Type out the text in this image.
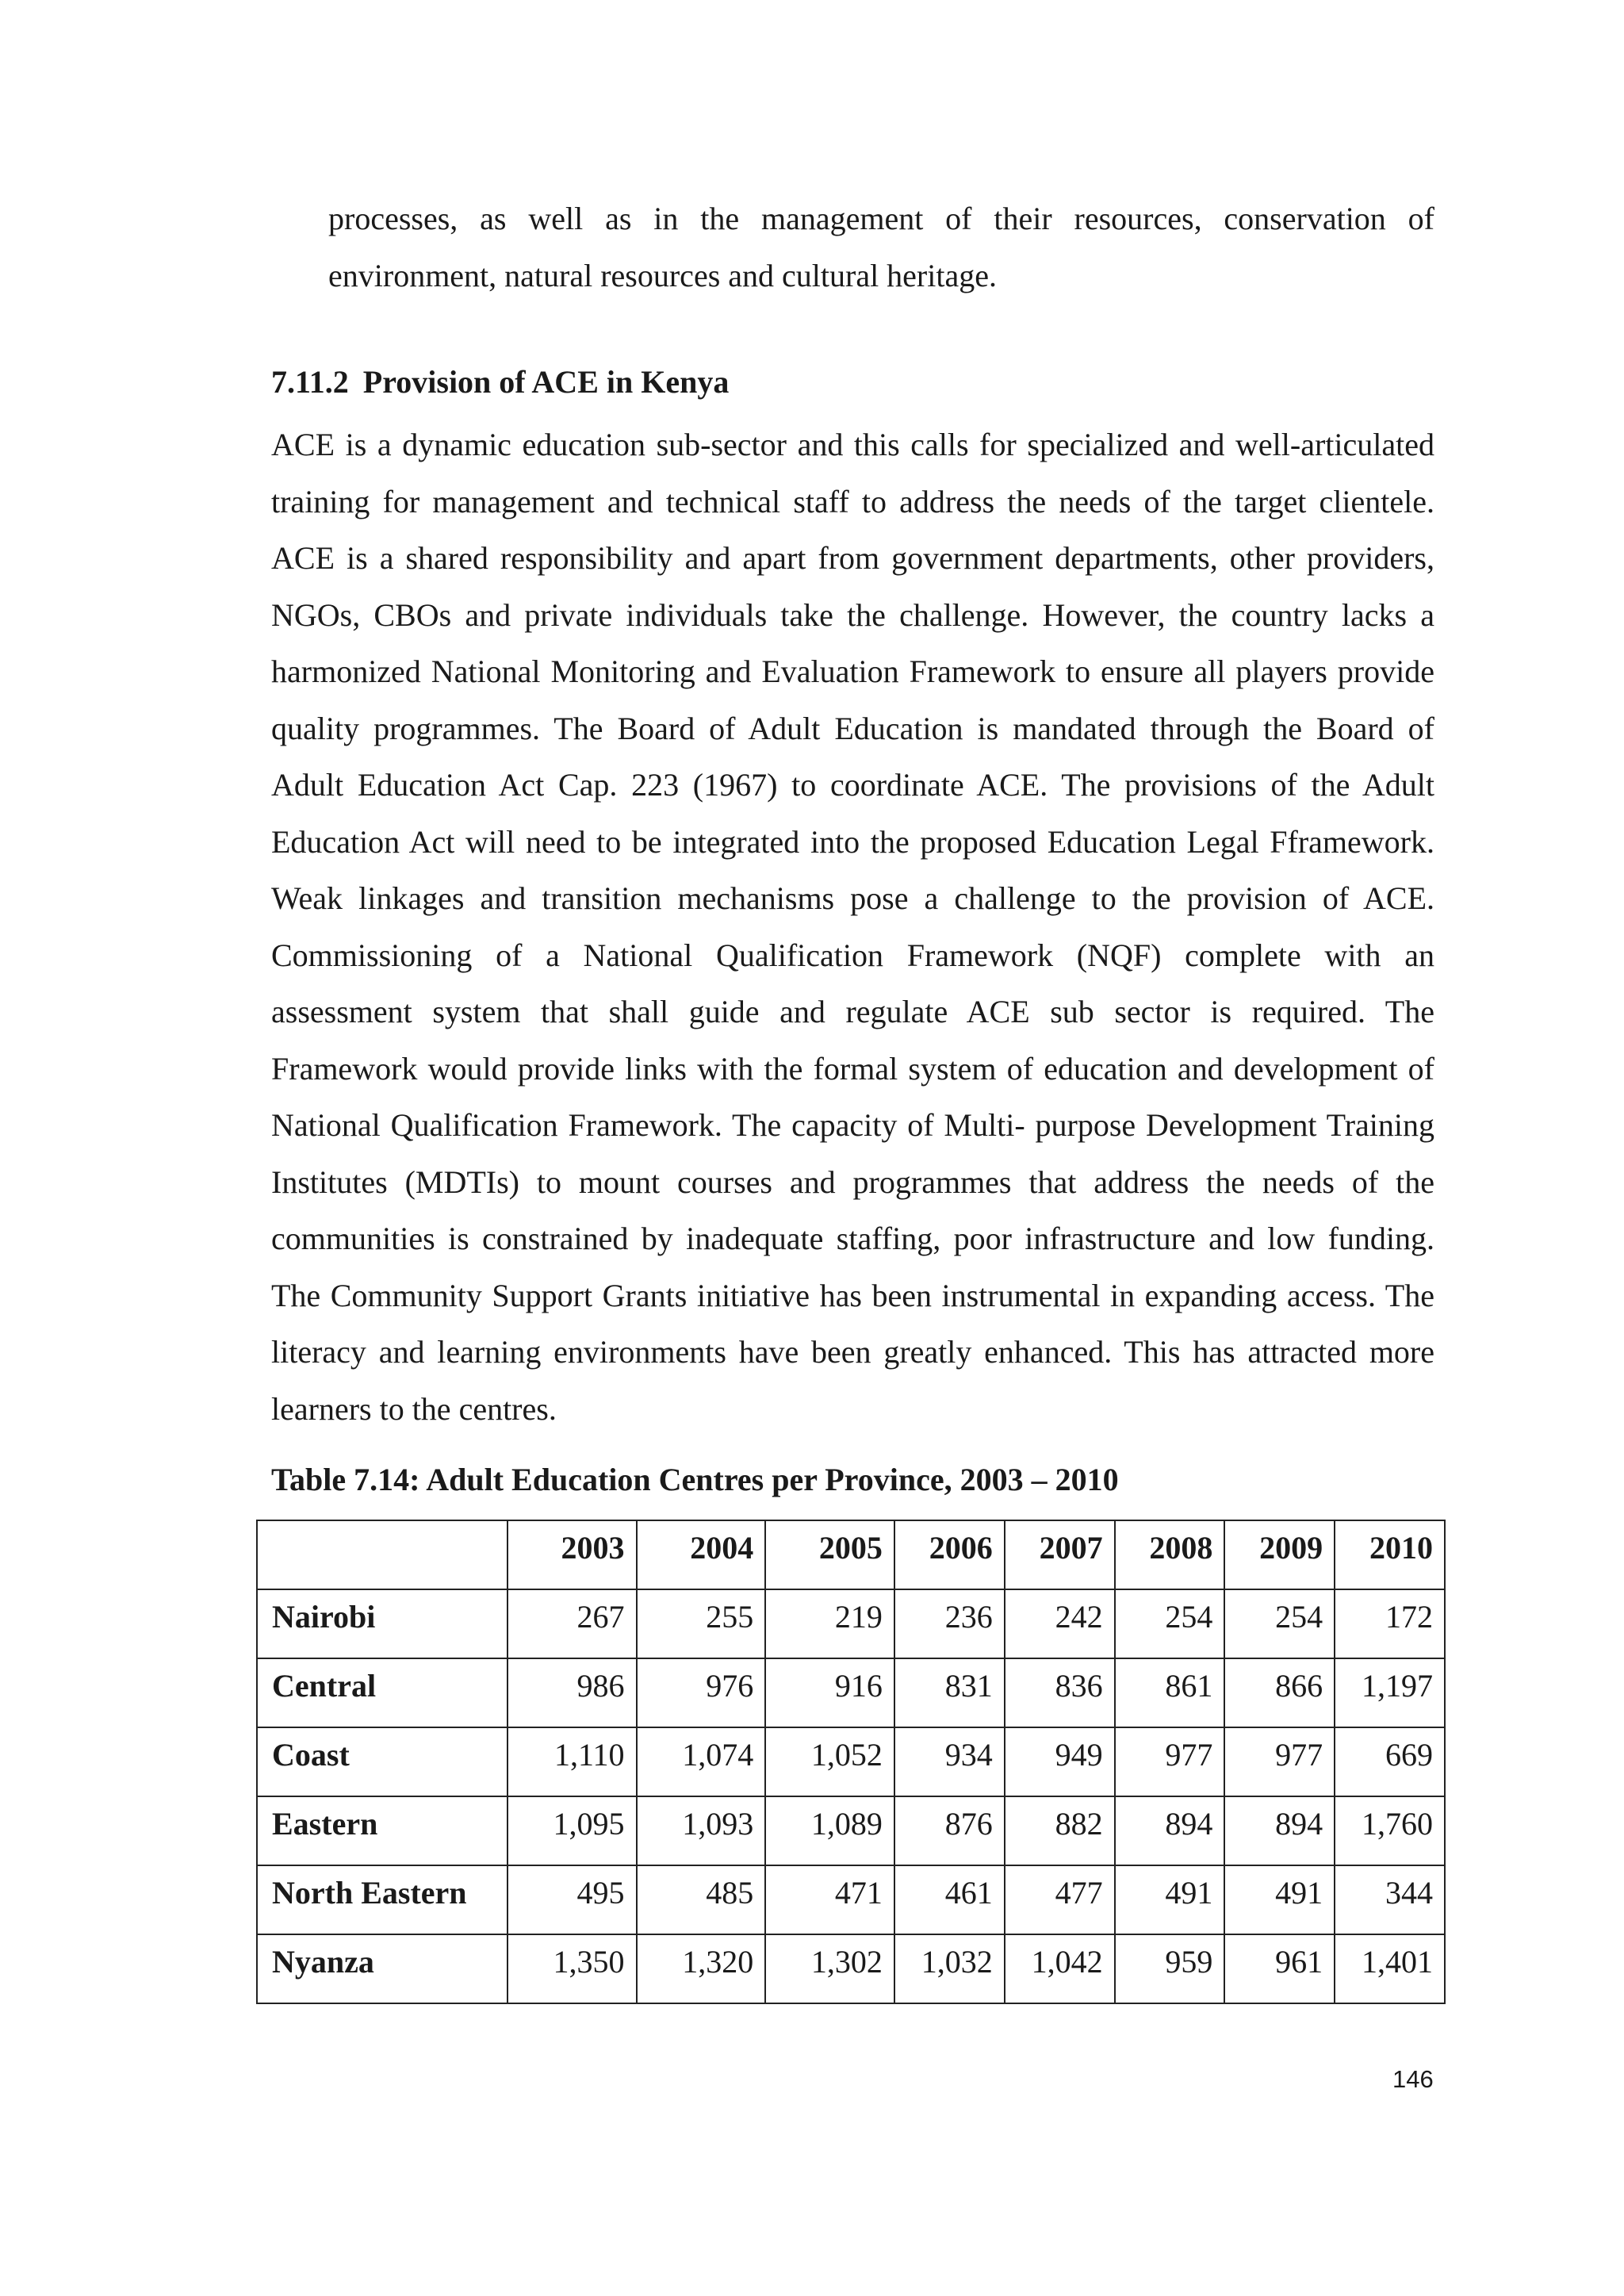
processes, as well as in the management of their resources, conservation of
environment, natural resources and cultural heritage.

7.11.2 Provision of ACE in Kenya

ACE is a dynamic education sub-sector and this calls for specialized and well-articulated training for management and technical staff to address the needs of the target clientele. ACE is a shared responsibility and apart from government departments, other providers, NGOs, CBOs and private individuals take the challenge. However, the country lacks a harmonized National Monitoring and Evaluation Framework to ensure all players provide quality programmes. The Board of Adult Education is mandated through the Board of Adult Education Act Cap. 223 (1967) to coordinate ACE. The provisions of the Adult Education Act will need to be integrated into the proposed Education Legal Fframework. Weak linkages and transition mechanisms pose a challenge to the provision of ACE. Commissioning of a National Qualification Framework (NQF) complete with an assessment system that shall guide and regulate ACE sub sector is required. The Framework would provide links with the formal system of education and development of National Qualification Framework. The capacity of Multi- purpose Development Training Institutes (MDTIs) to mount courses and programmes that address the needs of the communities is constrained by inadequate staffing, poor infrastructure and low funding. The Community Support Grants initiative has been instrumental in expanding access. The literacy and learning environments have been greatly enhanced. This has attracted more learners to the centres.

Table 7.14: Adult Education Centres per Province, 2003 – 2010

	2003	2004	2005	2006	2007	2008	2009	2010
Nairobi	267	255	219	236	242	254	254	172
Central	986	976	916	831	836	861	866	1,197
Coast	1,110	1,074	1,052	934	949	977	977	669
Eastern	1,095	1,093	1,089	876	882	894	894	1,760
North Eastern	495	485	471	461	477	491	491	344
Nyanza	1,350	1,320	1,302	1,032	1,042	959	961	1,401
146
